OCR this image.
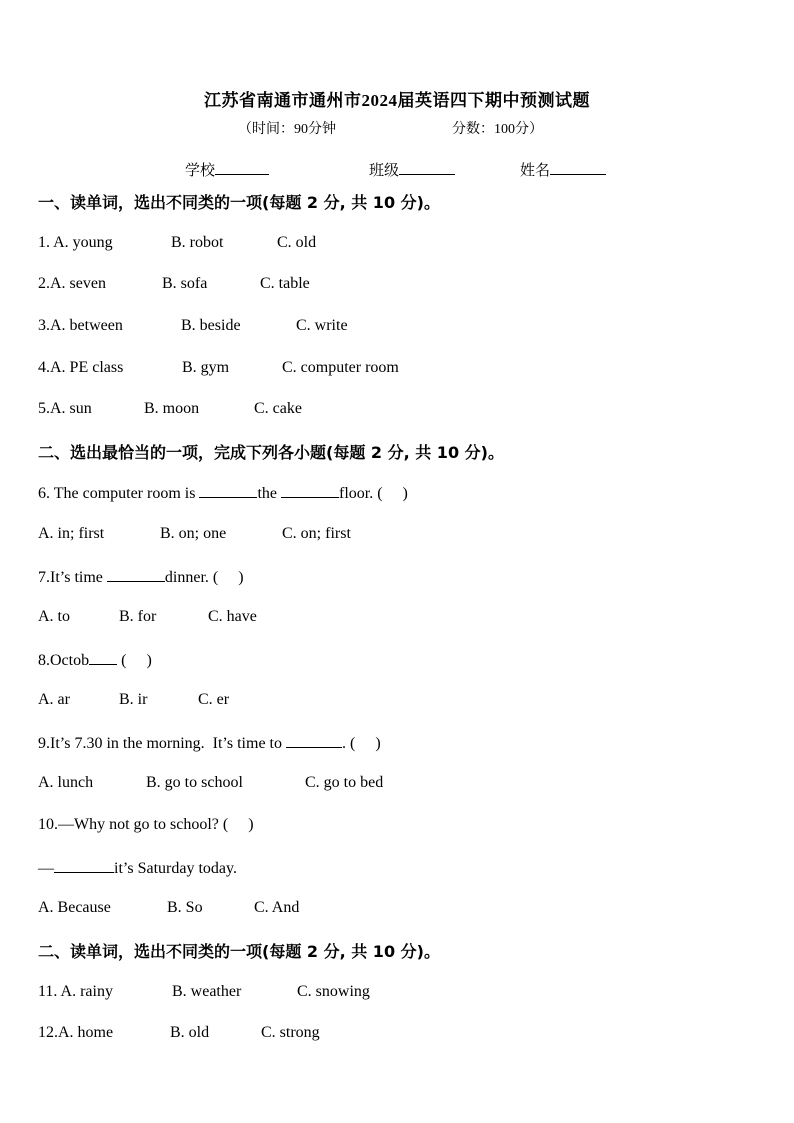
江苏省南通市通州市2024届英语四下期中预测试题
（时间：90分钟	分数：100分）
学校	班级	姓名
一、读单词，选出不同类的一项(每题 2 分, 共 10 分)。
1. A. young	B. robot	C. old
2.A. seven	B. sofa	C. table
3.A. between	B. beside	C. write
4.A. PE class	B. gym	C. computer room
5.A. sun	B. moon	C. cake
二、选出最恰当的一项，完成下列各小题(每题 2 分, 共 10 分)。
6. The computer room is	the	floor. (     )
A. in; first	B. on; one	C. on; first
7.It’s time	dinner. (     )
A. to	B. for	C. have
8.Octob (     )
A. ar	B. ir	C. er
9.It’s 7.30 in the morning.  It’s time to	. (     )
A. lunch	B. go to school	C. go to bed
10.—Why not go to school? (     )
—	it’s Saturday today.
A. Because	B. So	C. And
二、读单词，选出不同类的一项(每题 2 分, 共 10 分)。
11. A. rainy	B. weather	C. snowing
12.A. home	B. old	C. strong
